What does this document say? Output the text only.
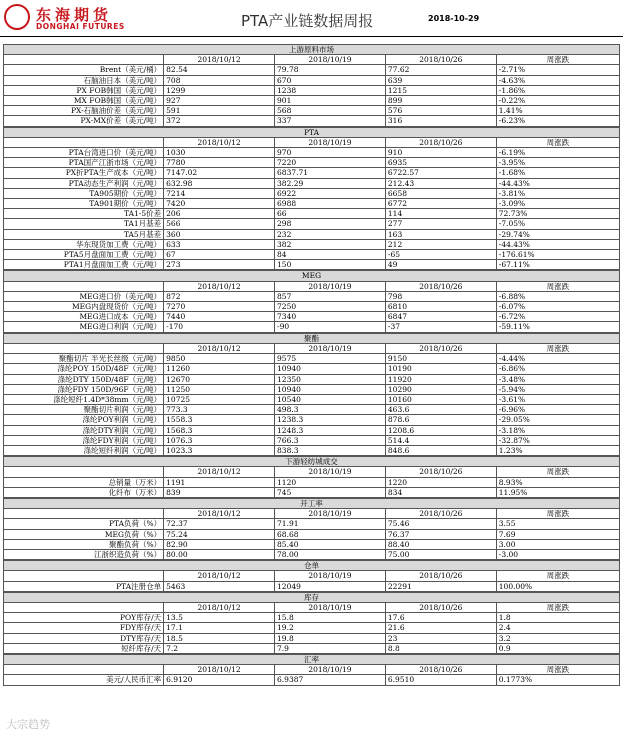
东海期货
DONGHAI FUTURES	PTA产业链数据周报	2018-10-29
上游原料市场				
	2018/10/12	2018/10/19	2018/10/26	周涨跌
Brent（美元/桶）	82.54	79.78	77.62	-2.71%
石脑油日本（美元/吨）	708	670	639	-4.63%
PX FOB韩国（美元/吨）	1299	1238	1215	-1.86%
MX FOB韩国（美元/吨）	927	901	899	-0.22%
PX-石脑油价差（美元/吨）	591	568	576	1.41%
PX-MX价差（美元/吨）	372	337	316	-6.23%
PTA				
	2018/10/12	2018/10/19	2018/10/26	周涨跌
PTA台湾进口价（美元/吨）	1030	970	910	-6.19%
PTA国产江浙市场（元/吨）	7780	7220	6935	-3.95%
PX折PTA生产成本（元/吨）	7147.02	6837.71	6722.57	-1.68%
PTA动态生产利润（元/吨）	632.98	382.29	212.43	-44.43%
TA905期价（元/吨）	7214	6922	6658	-3.81%
TA901期价（元/吨）	7420	6988	6772	-3.09%
TA1-5价差	206	66	114	72.73%
TA1月基差	566	298	277	-7.05%
TA5月基差	360	232	163	-29.74%
华东现货加工费（元/吨）	633	382	212	-44.43%
PTA5月盘面加工费（元/吨）	67	84	-65	-176.61%
PTA1月盘面加工费（元/吨）	273	150	49	-67.11%
MEG				
	2018/10/12	2018/10/19	2018/10/26	周涨跌
MEG进口价（美元/吨）	872	857	798	-6.88%
MEG内盘现货价（元/吨）	7270	7250	6810	-6.07%
MEG进口成本（元/吨）	7440	7340	6847	-6.72%
MEG进口利润（元/吨）	-170	-90	-37	-59.11%
聚酯				
	2018/10/12	2018/10/19	2018/10/26	周涨跌
聚酯切片 半光长丝级（元/吨）	9850	9575	9150	-4.44%
涤纶POY 150D/48F（元/吨）	11260	10940	10190	-6.86%
涤纶DTY 150D/48F（元/吨）	12670	12350	11920	-3.48%
涤纶FDY 150D/96F（元/吨）	11250	10940	10290	-5.94%
涤纶短纤1.4D*38mm（元/吨）	10725	10540	10160	-3.61%
聚酯切片利润（元/吨）	773.3	498.3	463.6	-6.96%
涤纶POY利润（元/吨）	1558.3	1238.3	878.6	-29.05%
涤纶DTY利润（元/吨）	1568.3	1248.3	1208.6	-3.18%
涤纶FDY利润（元/吨）	1076.3	766.3	514.4	-32.87%
涤纶短纤利润（元/吨）	1023.3	838.3	848.6	1.23%
下游轻纺城成交				
	2018/10/12	2018/10/19	2018/10/26	周涨跌
总销量（万米）	1191	1120	1220	8.93%
化纤布（万米）	839	745	834	11.95%
开工率				
	2018/10/12	2018/10/19	2018/10/26	周涨跌
PTA负荷（%）	72.37	71.91	75.46	3.55
MEG负荷（%）	75.24	68.68	76.37	7.69
聚酯负荷（%）	82.90	85.40	88.40	3.00
江浙织造负荷（%）	80.00	78.00	75.00	-3.00
仓单				
	2018/10/12	2018/10/19	2018/10/26	周涨跌
PTA注册仓单	5463	12049	22291	100.00%
库存				
	2018/10/12	2018/10/19	2018/10/26	周涨跌
POY库存/天	13.5	15.8	17.6	1.8
FDY库存/天	17.1	19.2	21.6	2.4
DTY库存/天	18.5	19.8	23	3.2
短纤库存/天	7.2	7.9	8.8	0.9
汇率				
	2018/10/12	2018/10/19	2018/10/26	周涨跌
美元/人民币汇率	6.9120	6.9387	6.9510	0.1773%
大宗趋势
